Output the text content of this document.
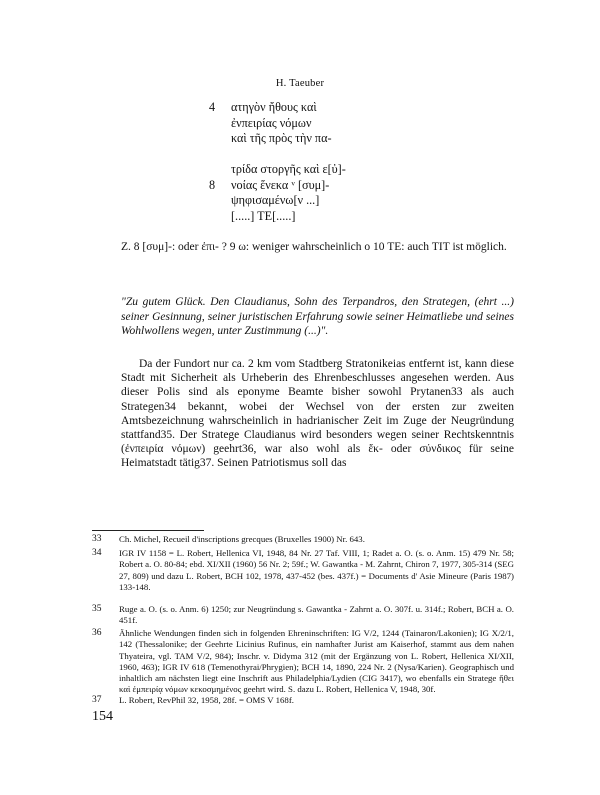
H. Taeuber
4	ατηγὸν ἤθους καὶ
ἐνπειρίας νόμων
καὶ τῆς πρὸς τὴν πα-
τρίδα στοργῆς καὶ ε[ὐ]-
8	νοίας ἕνεκα ᵛ [συμ]-
ψηφισαμένω[ν ...]
[.....] ΤΕ[.....]
Z. 8 [συμ]-: oder ἐπι- ? 9 ω: weniger wahrscheinlich ο 10 ΤΕ: auch ΤΙΤ ist möglich.
"Zu gutem Glück. Den Claudianus, Sohn des Terpandros, den Strategen, (ehrt ...) seiner Gesinnung, seiner juristischen Erfahrung sowie seiner Heimatliebe und seines Wohlwollens wegen, unter Zustimmung (...)".
Da der Fundort nur ca. 2 km vom Stadtberg Stratonikeias entfernt ist, kann diese Stadt mit Sicherheit als Urheberin des Ehrenbeschlusses angesehen werden. Aus dieser Polis sind als eponyme Beamte bisher sowohl Prytanen33 als auch Strategen34 bekannt, wobei der Wechsel von der ersten zur zweiten Amtsbezeichnung wahrscheinlich in hadrianischer Zeit im Zuge der Neugründung stattfand35. Der Stratege Claudianus wird besonders wegen seiner Rechtskenntnis (ἐνπειρία νόμων) geehrt36, war also wohl als ἔκ- oder σύνδικος für seine Heimatstadt tätig37. Seinen Patriotismus soll das
33 Ch. Michel, Recueil d'inscriptions grecques (Bruxelles 1900) Nr. 643.
34 IGR IV 1158 = L. Robert, Hellenica VI, 1948, 84 Nr. 27 Taf. VIII, 1; Radet a. O. (s. o. Anm. 15) 479 Nr. 58; Robert a. O. 80-84; ebd. XI/XII (1960) 56 Nr. 2; 59f.; W. Gawantka - M. Zahrnt, Chiron 7, 1977, 305-314 (SEG 27, 809) und dazu L. Robert, BCH 102, 1978, 437-452 (bes. 437f.) = Documents d' Asie Mineure (Paris 1987) 133-148.
35 Ruge a. O. (s. o. Anm. 6) 1250; zur Neugründung s. Gawantka - Zahrnt a. O. 307f. u. 314f.; Robert, BCH a. O. 451f.
36 Ähnliche Wendungen finden sich in folgenden Ehreninschriften: IG V/2, 1244 (Tainaron/Lakonien); IG X/2/1, 142 (Thessalonike; der Geehrte Licinius Rufinus, ein namhafter Jurist am Kaiserhof, stammt aus dem nahen Thyateira, vgl. TAM V/2, 984); Inschr. v. Didyma 312 (mit der Ergänzung von L. Robert, Hellenica XI/XII, 1960, 463); IGR IV 618 (Temenothyrai/Phrygien); BCH 14, 1890, 224 Nr. 2 (Nysa/Karien). Geographisch und inhaltlich am nächsten liegt eine Inschrift aus Philadelphia/Lydien (CIG 3417), wo ebenfalls ein Stratege ἤθει καὶ ἐμπειρίᾳ νόμων κεκοσμημένος geehrt wird. S. dazu L. Robert, Hellenica V, 1948, 30f.
37 L. Robert, RevPhil 32, 1958, 28f. = OMS V 168f.
154
